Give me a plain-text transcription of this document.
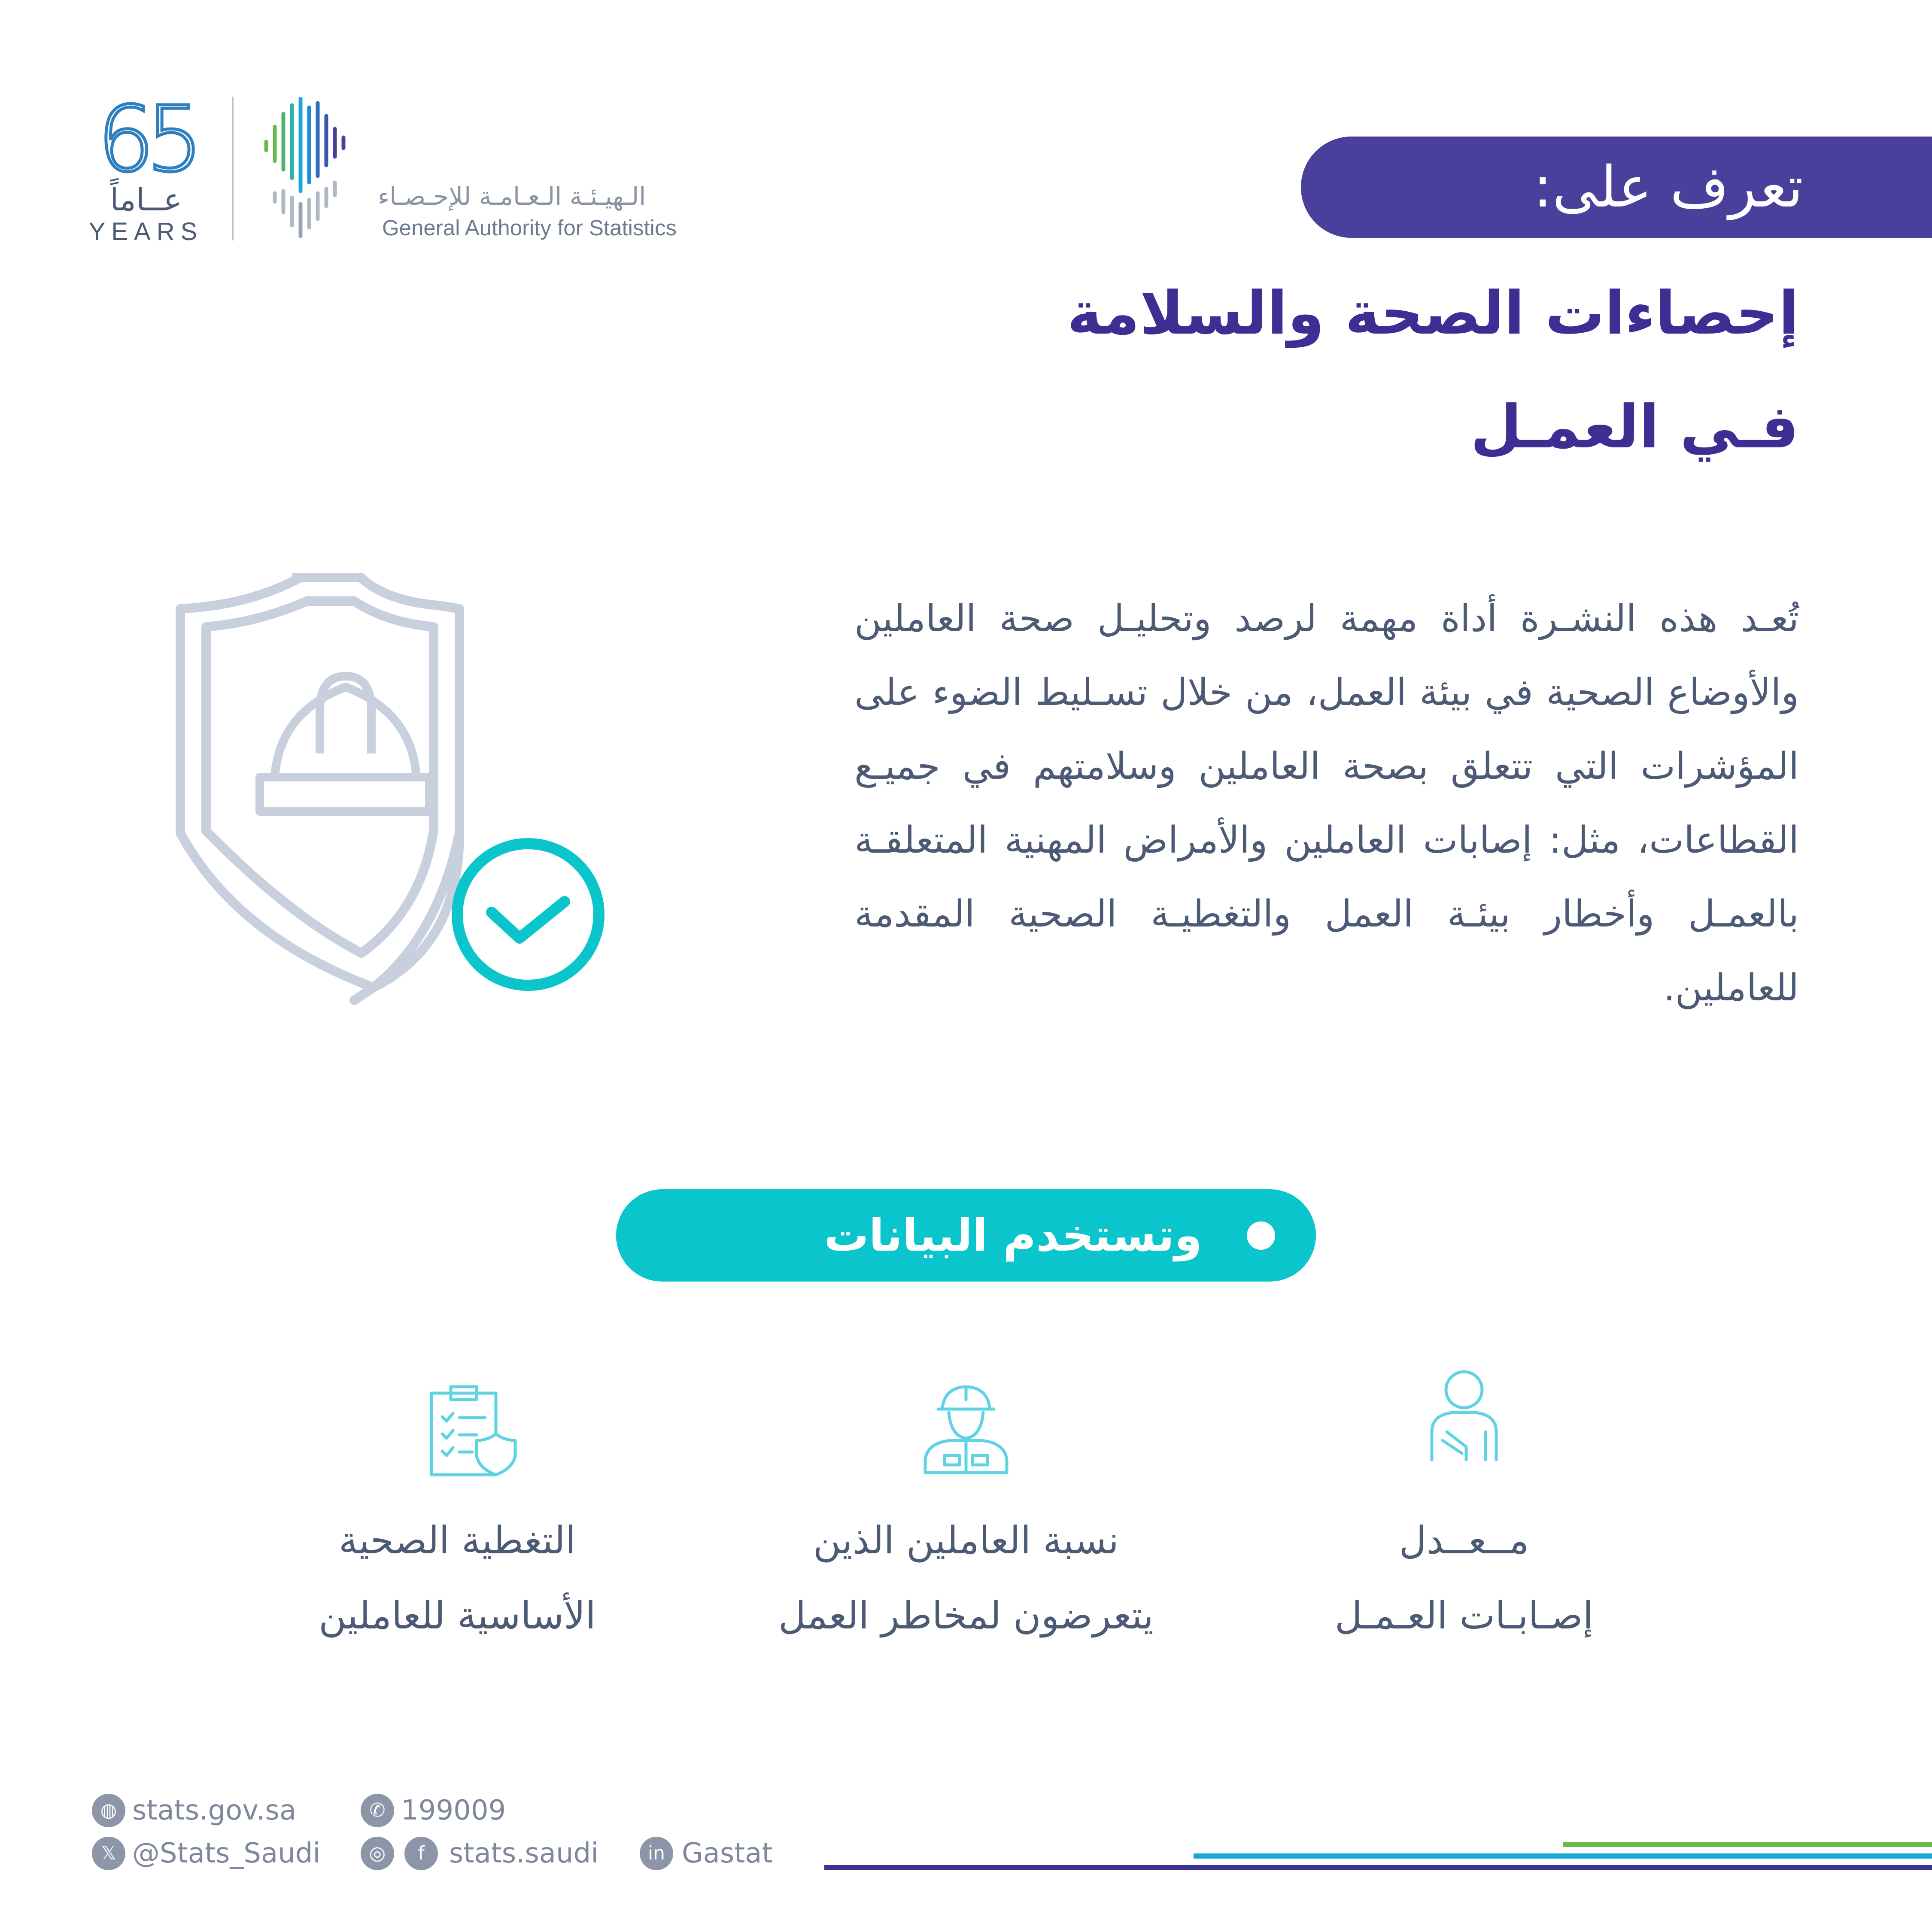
65
عــاماً
YEARS
الـهيـئـة الـعـامـة للإحـصـاء
General Authority for Statistics
تعرف على:
إحصاءات الصحة والسلامة
فـي العمـل
تُعـد هذه النشـرة أداة مهمة لرصد وتحليـل صحة العاملين والأوضاع الصحية في بيئة العمل، من خلال تسـليط الضوء على المؤشرات التي تتعلق بصحة العاملين وسلامتهم في جميـع القطاعات، مثل: إصابات العاملين والأمراض المهنية المتعلقـة بالعمـل وأخطار بيئـة العمل والتغطيـة الصحية المقدمة للعاملين.
وتستخدم البيانات لتقديـر:
مــعــدل
إصـابـات العـمـل
نسبة العاملين الذين
يتعرضون لمخاطر العمل
التغطية الصحية
الأساسية للعاملين
◍ stats.gov.sa	✆ 199009
𝕏 @Stats_Saudi	◎	f stats.saudi	in Gastat
